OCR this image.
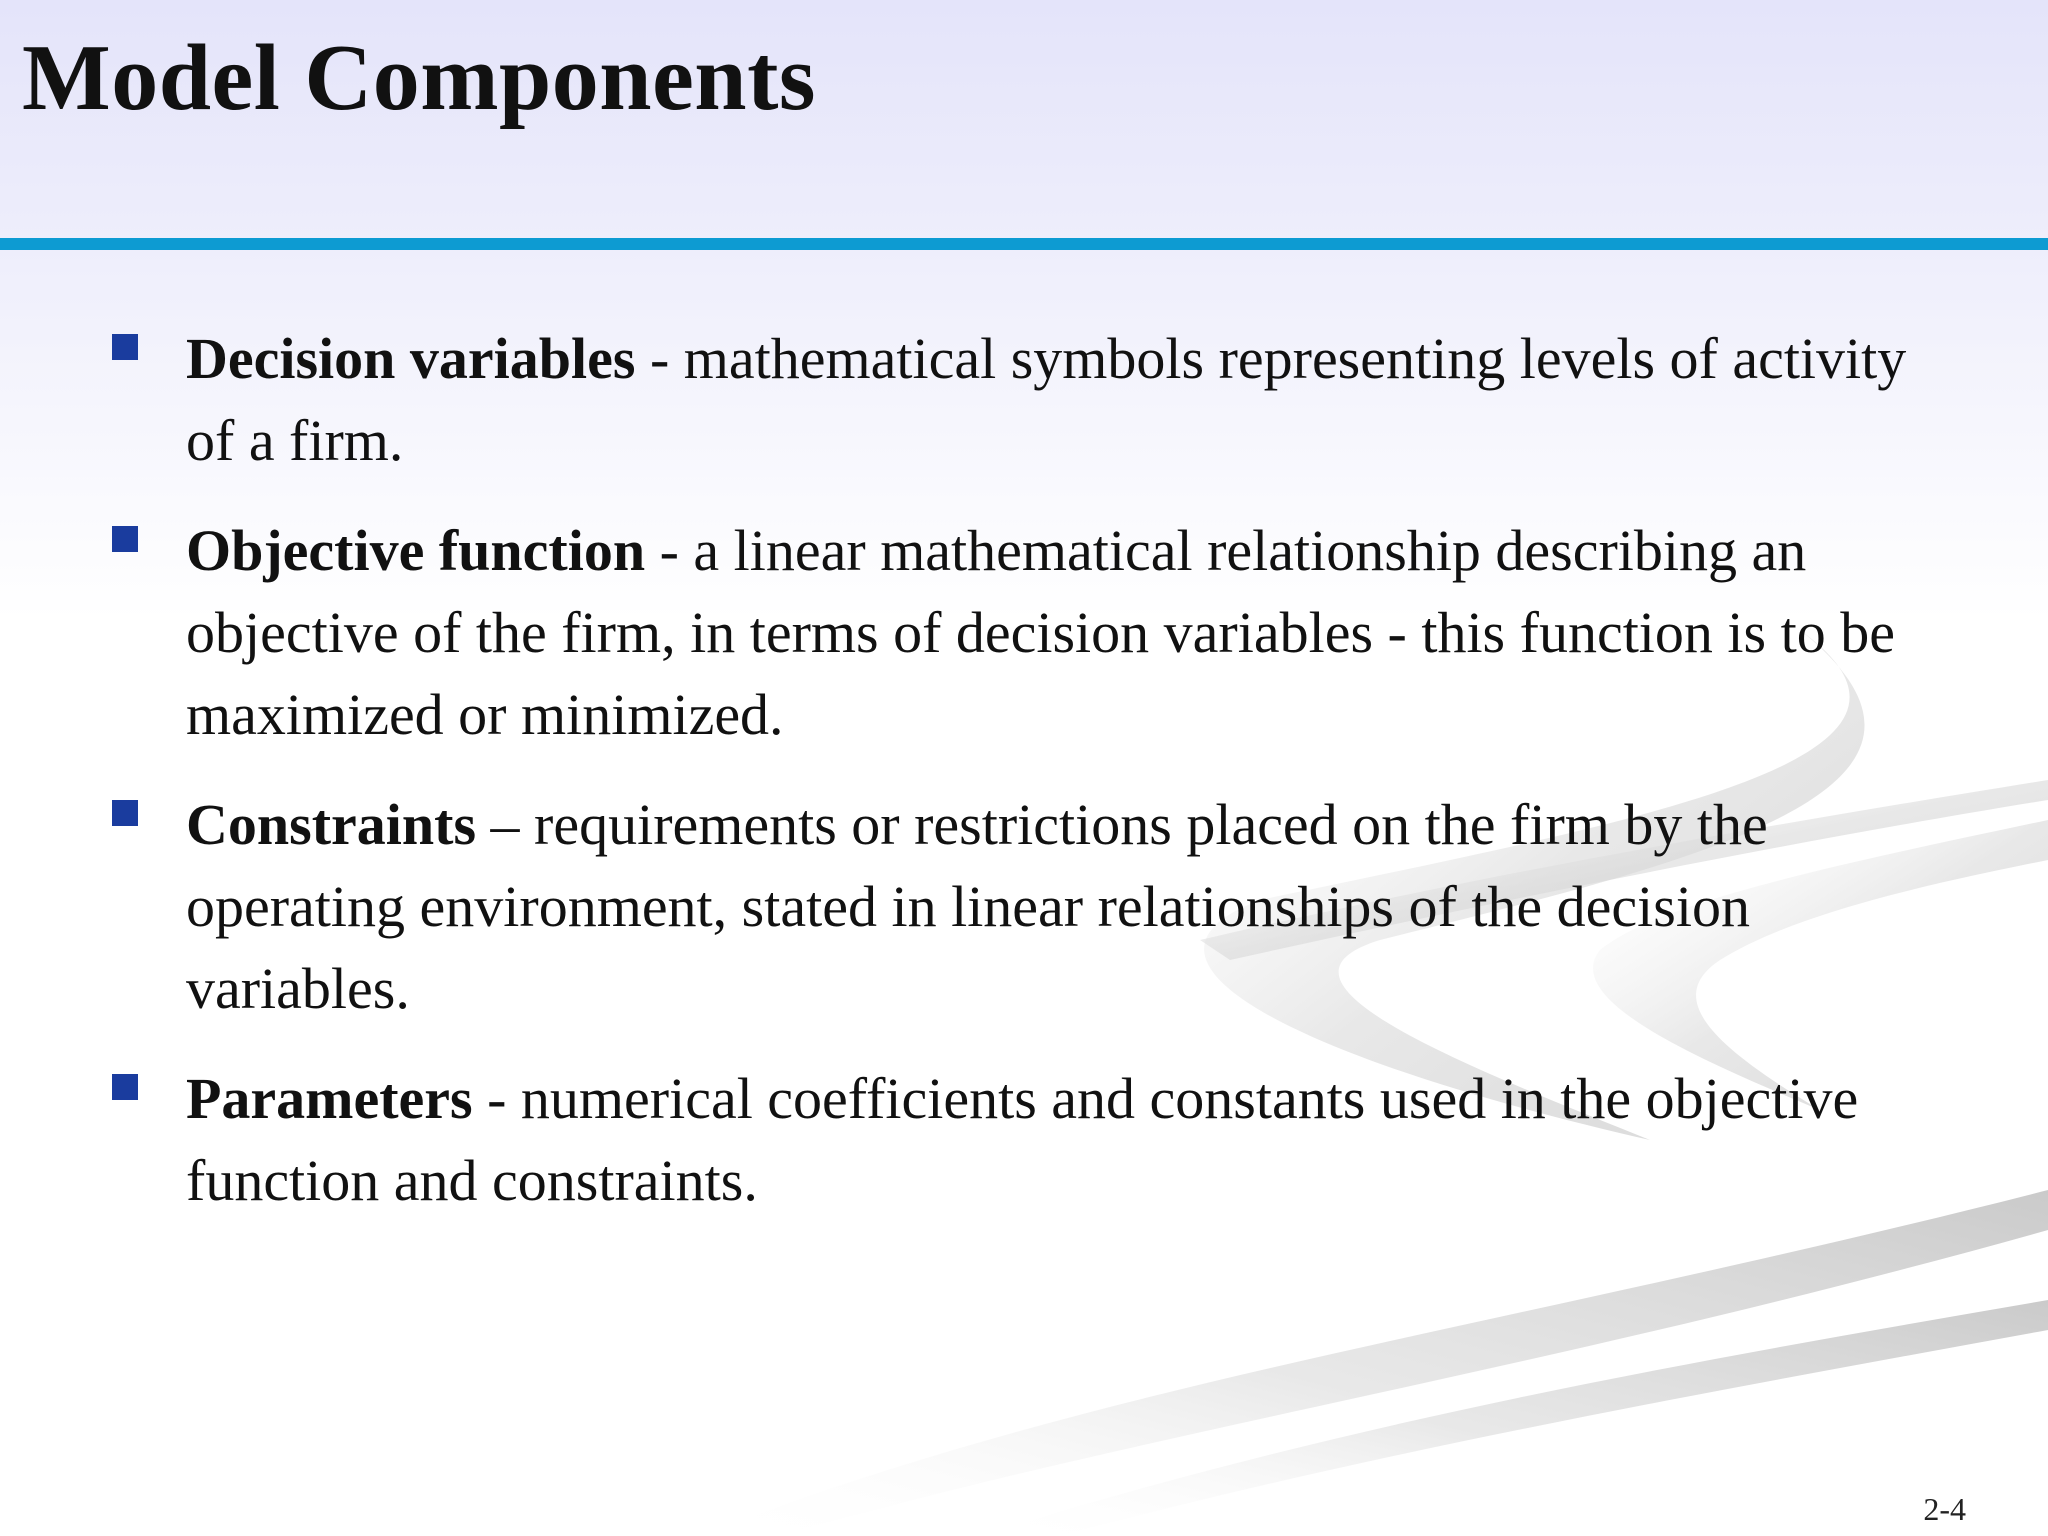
Model Components
Decision variables - mathematical symbols representing levels of activity of a firm.
Objective function - a linear mathematical relationship describing an objective of the firm, in terms of decision variables - this function is to be maximized or minimized.
Constraints – requirements or restrictions placed on the firm by the operating environment, stated in linear relationships of the decision variables.
Parameters - numerical coefficients and constants used in the objective function and constraints.
2-4
